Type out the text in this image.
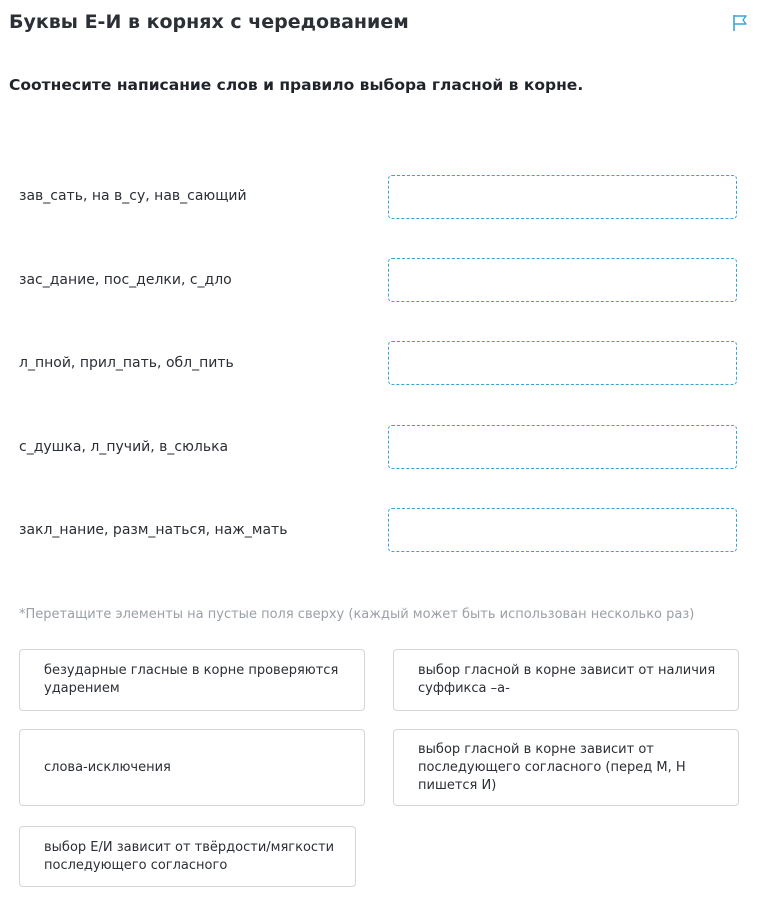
Буквы Е-И в корнях с чередованием
Соотнесите написание слов и правило выбора гласной в корне.
зав_сать, на в_су, нав_сающий
зас_дание, пос_делки, с_дло
л_пной, прил_пать, обл_пить
с_душка, л_пучий, в_сюлька
закл_нание, разм_наться, наж_мать
*Перетащите элементы на пустые поля сверху (каждый может быть использован несколько раз)
безударные гласные в корне проверяются ударением
выбор гласной в корне зависит от наличия суффикса –а-
слова-исключения
выбор гласной в корне зависит от последующего согласного (перед М, Н пишется И)
выбор Е/И зависит от твёрдости/мягкости последующего согласного
